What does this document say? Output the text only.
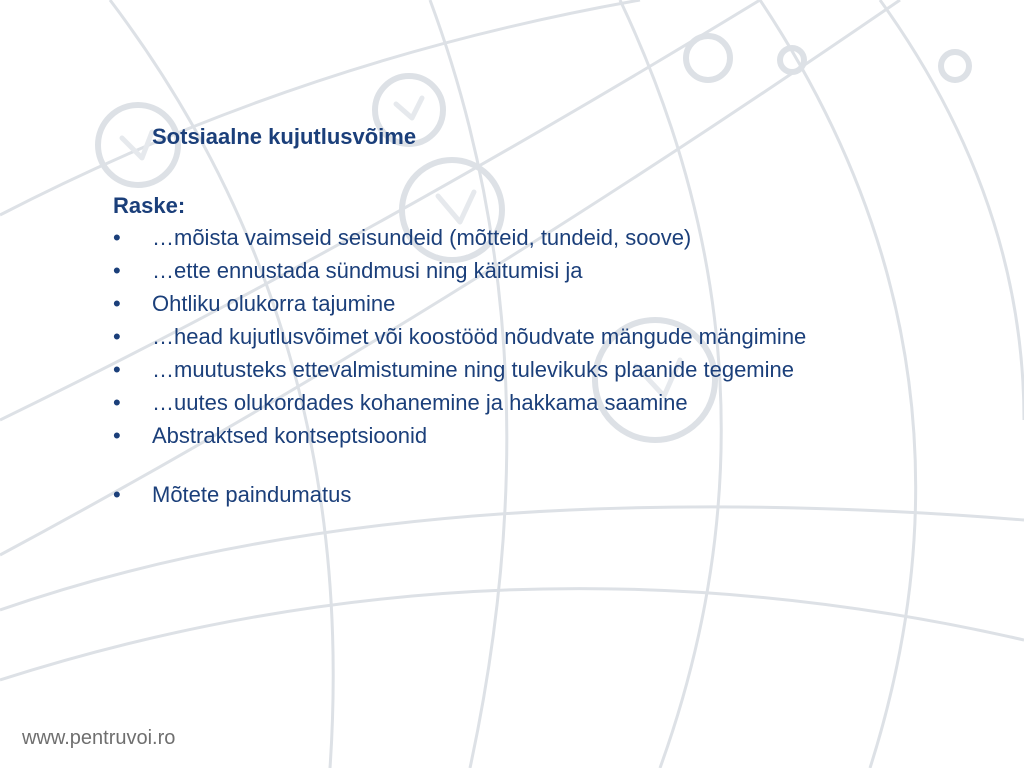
Sotsiaalne kujutlusvõime
Raske:
• …mõista vaimseid seisundeid (mõtteid, tundeid, soove)
• …ette ennustada sündmusi ning käitumisi ja
• Ohtliku olukorra tajumine
• …head kujutlusvõimet või koostööd nõudvate mängude mängimine
• …muutusteks ettevalmistumine ning tulevikuks plaanide tegemine
• …uutes olukordades kohanemine ja hakkama saamine
• Abstraktsed kontseptsioonid
• Mõtete paindumatus
www.pentruvoi.ro
